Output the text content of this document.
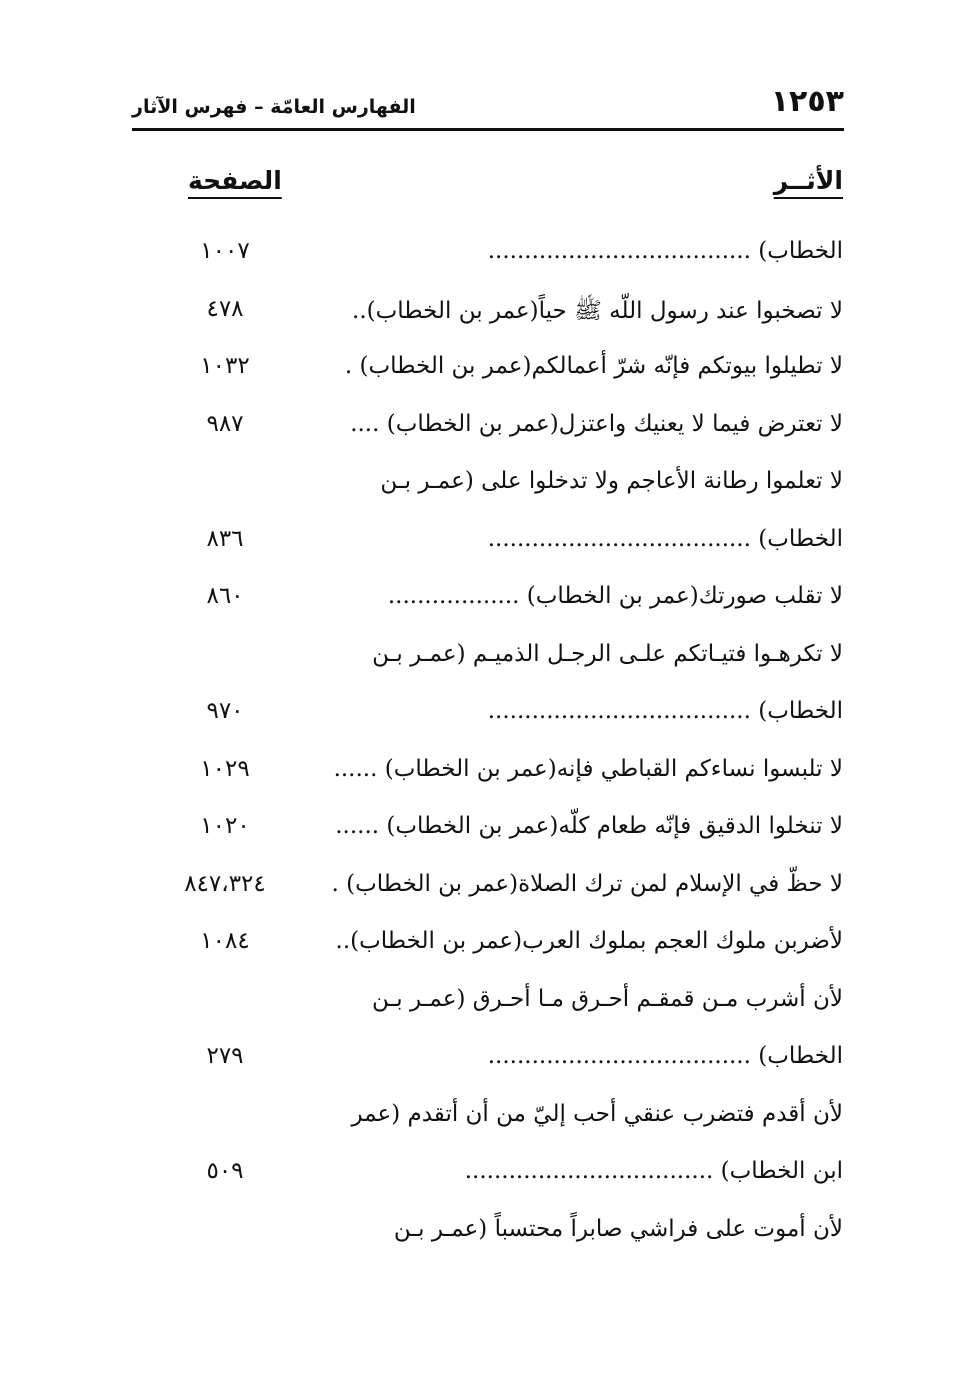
١٢٥٣
الفهارس العامّة – فهرس الآثار
الأثــر
الصفحة
الخطاب) ....................................
١٠٠٧
لا تصخبوا عند رسول اللّه ﷺ حياً(عمر بن الخطاب)..
٤٧٨
لا تطيلوا بيوتكم فإنّه شرّ أعمالكم(عمر بن الخطاب) .
١٠٣٢
لا تعترض فيما لا يعنيك واعتزل(عمر بن الخطاب) ....
٩٨٧
لا تعلموا رطانة الأعاجم ولا تدخلوا على (عمـر بـن
الخطاب) ....................................
٨٣٦
لا تقلب صورتك(عمر بن الخطاب) ..................
٨٦٠
لا تكرهـوا فتيـاتكم علـى الرجـل الذميـم (عمـر بـن
الخطاب) ....................................
٩٧٠
لا تلبسوا نساءكم القباطي فإنه(عمر بن الخطاب) ......
١٠٢٩
لا تنخلوا الدقيق فإنّه طعام كلّه(عمر بن الخطاب) ......
١٠٢٠
لا حظّ في الإسلام لمن ترك الصلاة(عمر بن الخطاب) .
٨٤٧،٣٢٤
لأضربن ملوك العجم بملوك العرب(عمر بن الخطاب)..
١٠٨٤
لأن أشرب مـن قمقـم أحـرق مـا أحـرق (عمـر بـن
الخطاب) ....................................
٢٧٩
لأن أقدم فتضرب عنقي أحب إليّ من أن أتقدم (عمر
ابن الخطاب) ..................................
٥٠٩
لأن أموت على فراشي صابراً محتسباً (عمـر بـن
